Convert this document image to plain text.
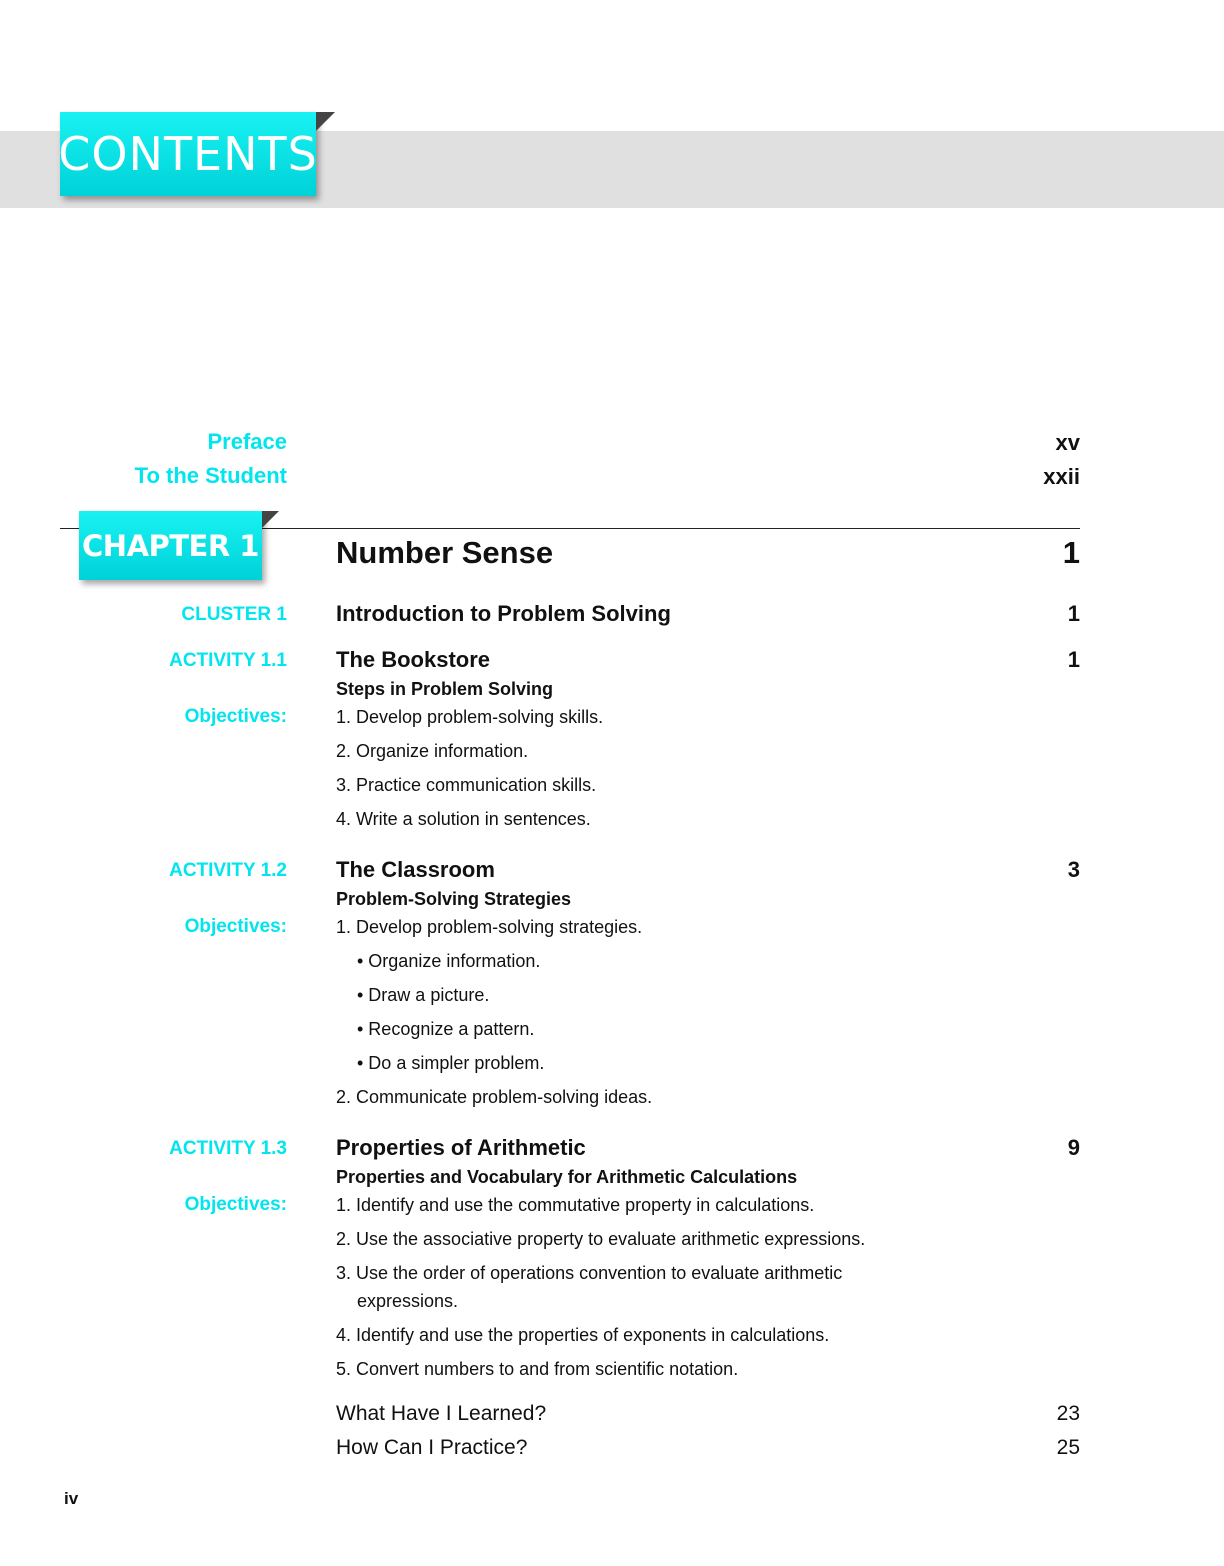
CONTENTS
Preface	xv
To the Student	xxii
CHAPTER 1 Number Sense	1
CLUSTER 1 Introduction to Problem Solving	1
ACTIVITY 1.1 The Bookstore	1
Steps in Problem Solving
Objectives:	1. Develop problem-solving skills.
2. Organize information.
3. Practice communication skills.
4. Write a solution in sentences.
ACTIVITY 1.2 The Classroom	3
Problem-Solving Strategies
Objectives:	1. Develop problem-solving strategies.
• Organize information.
• Draw a picture.
• Recognize a pattern.
• Do a simpler problem.
2. Communicate problem-solving ideas.
ACTIVITY 1.3 Properties of Arithmetic	9
Properties and Vocabulary for Arithmetic Calculations
Objectives:	1. Identify and use the commutative property in calculations.
2. Use the associative property to evaluate arithmetic expressions.
3. Use the order of operations convention to evaluate arithmetic
expressions.
4. Identify and use the properties of exponents in calculations.
5. Convert numbers to and from scientific notation.
What Have I Learned?	23
How Can I Practice?	25
iv
